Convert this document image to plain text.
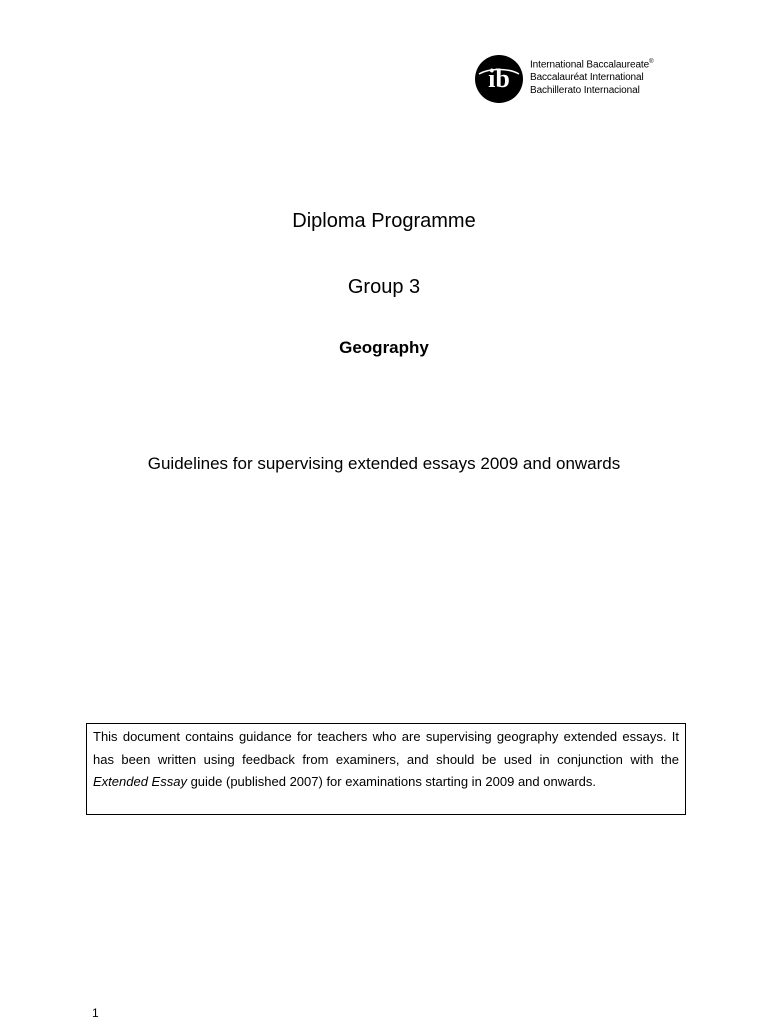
ib International Baccalaureate®
Baccalauréat International
Bachillerato Internacional
Diploma Programme
Group 3
Geography
Guidelines for supervising extended essays 2009 and onwards
This document contains guidance for teachers who are supervising geography extended essays. It has been written using feedback from examiners, and should be used in conjunction with the Extended Essay guide (published 2007) for examinations starting in 2009 and onwards.
1
